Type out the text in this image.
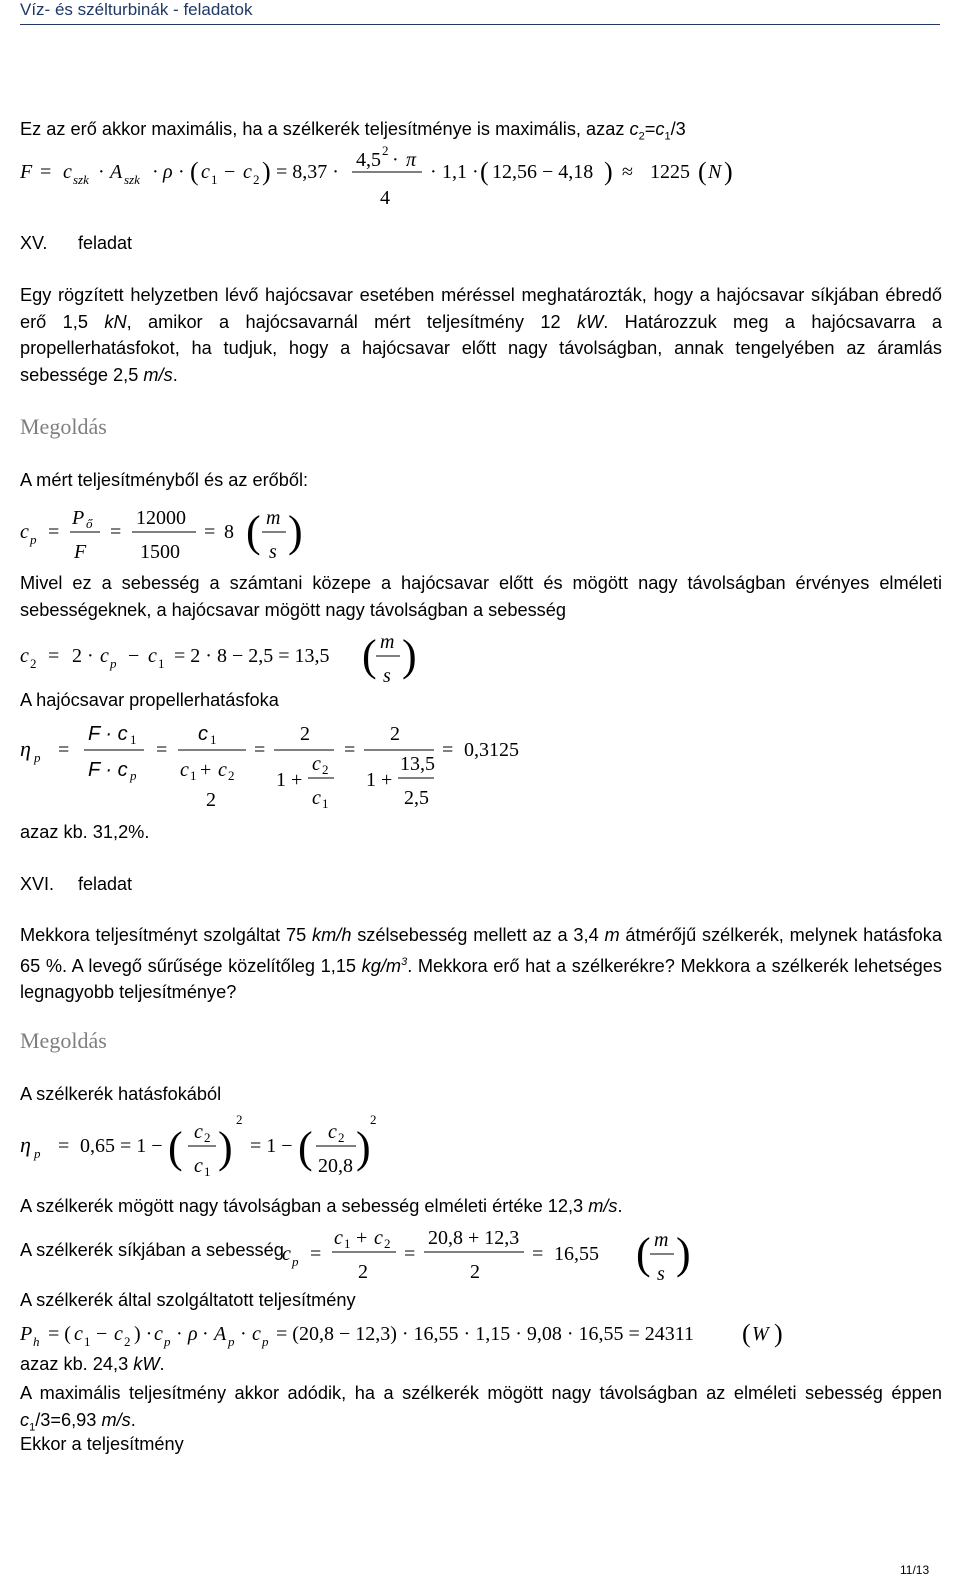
Víz- és szélturbinák - feladatok
Ez az erő akkor maximális, ha a szélkerék teljesítménye is maximális, azaz $c_2=c_1/3$
F = c szk · A szk · ρ · ( c 1 − c 2 ) = 8,37 ·
4,5 2 · π
4
· 1,1 · ( 12,56 − 4,18 ) ≈ 1225 ( N )
XV. feladat
Egy rögzített helyzetben lévő hajócsavar esetében méréssel meghatározták, hogy a hajócsavar síkjában ébredő erő 1,5 kN, amikor a hajócsavarnál mért teljesítmény 12 kW. Határozzuk meg a hajócsavarra a propellerhatásfokot, ha tudjuk, hogy a hajócsavar előtt nagy távolságban, annak tengelyében az áramlás sebessége 2,5 m/s.
Megoldás
A mért teljesítményből és az erőből:
c p =
P ő
F
=
12000
1500
= 8 ( m
s )
Mivel ez a sebesség a számtani közepe a hajócsavar előtt és mögött nagy távolságban érvényes elméleti sebességeknek, a hajócsavar mögött nagy távolságban a sebesség
c 2 = 2 · c p − c 1 = 2 · 8 − 2,5 = 13,5 ( m
s )
A hajócsavar propellerhatásfoka
η p =
F · c 1
F · c p
=
c 1
c 1 + c 2
2
=
2
1 +
c 2
c 1
=
2
1 +
13,5
2,5
= 0,3125
azaz kb. 31,2%.
XVI. feladat
Mekkora teljesítményt szolgáltat 75 km/h szélsebesség mellett az a 3,4 m átmérőjű szélkerék, melynek hatásfoka 65 %. A levegő sűrűsége közelítőleg 1,15 $kg/m^3$. Mekkora erő hat a szélkerékre? Mekkora a szélkerék lehetséges legnagyobb teljesítménye?
Megoldás
A szélkerék hatásfokából
η p = 0,65 = 1 − ( c 2
c 1 )
2
= 1 − ( c 2
20,8 )
2
A szélkerék mögött nagy távolságban a sebesség elméleti értéke 12,3 m/s.
A szélkerék síkjában a sebesség
c p =
c 1 + c 2
2
=
20,8 + 12,3
2
= 16,55 ( m
s )
A szélkerék által szolgáltatott teljesítmény
P h = ( c 1 − c 2 ) · c p · ρ · A p · c p = (20,8 − 12,3) · 16,55 · 1,15 · 9,08 · 16,55 = 24311 ( W )
azaz kb. 24,3 kW.
A maximális teljesítmény akkor adódik, ha a szélkerék mögött nagy távolságban az elméleti sebesség éppen $c_1/3=6,93$ m/s.
Ekkor a teljesítmény
11/13
